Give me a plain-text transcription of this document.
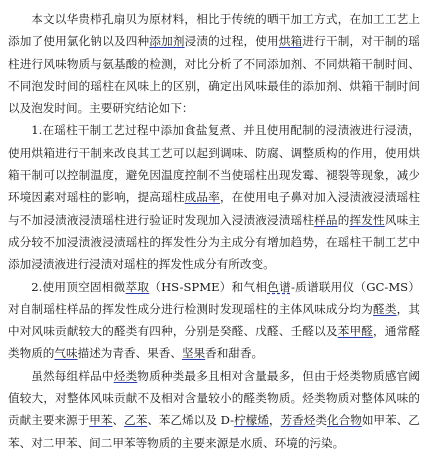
本文以华贵栉孔扇贝为原材料，相比于传统的晒干加工方式，在加工工艺上添加了使用氯化钠以及四种添加剂浸渍的过程，使用烘箱进行干制，对干制的瑶柱进行风味物质与氨基酸的检测，对比分析了不同添加剂、不同烘箱干制时间、不同泡发时间的瑶柱在风味上的区别，确定出风味最佳的添加剂、烘箱干制时间以及泡发时间。主要研究结论如下：

1.在瑶柱干制工艺过程中添加食盐复煮、并且使用配制的浸渍液进行浸渍，使用烘箱进行干制来改良其工艺可以起到调味、防腐、调整质构的作用，使用烘箱干制可以控制温度，避免因温度控制不当使瑶柱出现发霉、褪裂等现象，减少环境因素对瑶柱的影响，提高瑶柱成品率，在使用电子鼻对加入浸渍液浸渍瑶柱与不加浸渍液浸渍瑶柱进行验证时发现加入浸渍液浸渍瑶柱样品的挥发性风味主成分较不加浸渍液浸渍瑶柱的挥发性分为主成分有增加趋势，在瑶柱干制工艺中添加浸渍液进行浸渍对瑶柱的挥发性成分有所改变。

2.使用顶空固相微萃取（HS-SPME）和气相色谱-质谱联用仪（GC-MS）对自制瑶柱样品的挥发性成分进行检测时发现瑶柱的主体风味成分均为醛类，其中对风味贡献较大的醛类有四种，分别是癸醛、戊醛、壬醛以及苯甲醛，通常醛类物质的气味描述为青香、果香、坚果香和甜香。

虽然每组样品中烃类物质种类最多且相对含量最多，但由于烃类物质感官阈值较大，对整体风味贡献不及相对含量较小的醛类物质。烃类物质对整体风味的贡献主要来源于甲苯、乙苯、苯乙烯以及 D-柠檬烯，芳香烃类化合物如甲苯、乙苯、对二甲苯、间二甲苯等物质的主要来源是水质、环境的污染。
